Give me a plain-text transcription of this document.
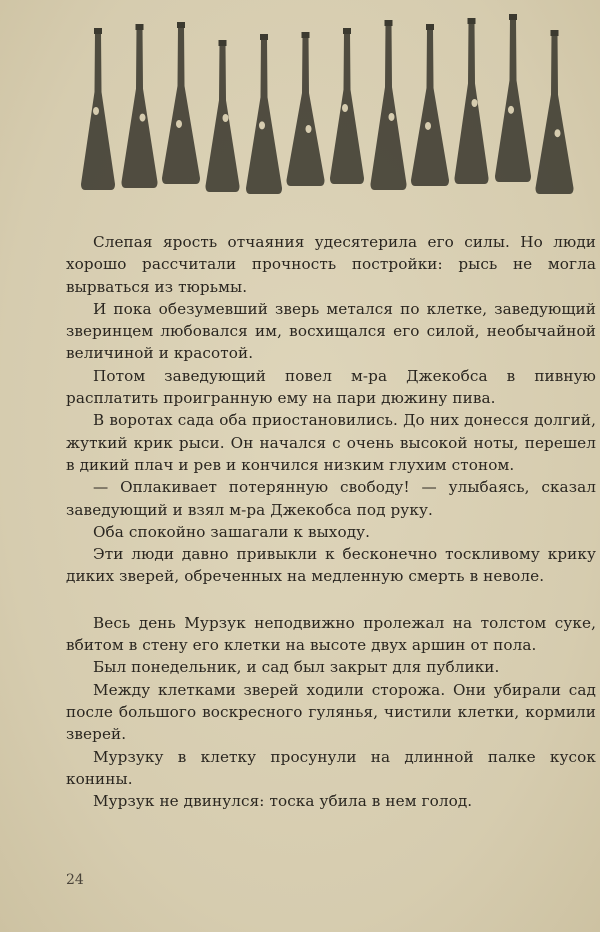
Слепая ярость отчаяния удесятерила его силы. Но люди хорошо рассчитали прочность постройки: рысь не могла вырваться из тюрьмы.

И пока обезумевший зверь метался по клетке, заведующий зверинцем любовался им, восхищался его силой, необычайной величиной и красотой.

Потом заведующий повел м-ра Джекобса в пивную расплатить проигранную ему на пари дюжину пива.

В воротах сада оба приостановились. До них донесся долгий, жуткий крик рыси. Он начался с очень высокой ноты, перешел в дикий плач и рев и кончился низким глухим стоном.

— Оплакивает потерянную свободу! — улыбаясь, сказал заведующий и взял м-ра Джекобса под руку.

Оба спокойно зашагали к выходу.

Эти люди давно привыкли к бесконечно тоскливому крику диких зверей, обреченных на медленную смерть в неволе.

Весь день Мурзук неподвижно пролежал на толстом суке, вбитом в стену его клетки на высоте двух аршин от пола.

Был понедельник, и сад был закрыт для публики.

Между клетками зверей ходили сторожа. Они убирали сад после большого воскресного гулянья, чистили клетки, кормили зверей.

Мурзуку в клетку просунули на длинной палке кусок конины.

Мурзук не двинулся: тоска убила в нем голод.

24
